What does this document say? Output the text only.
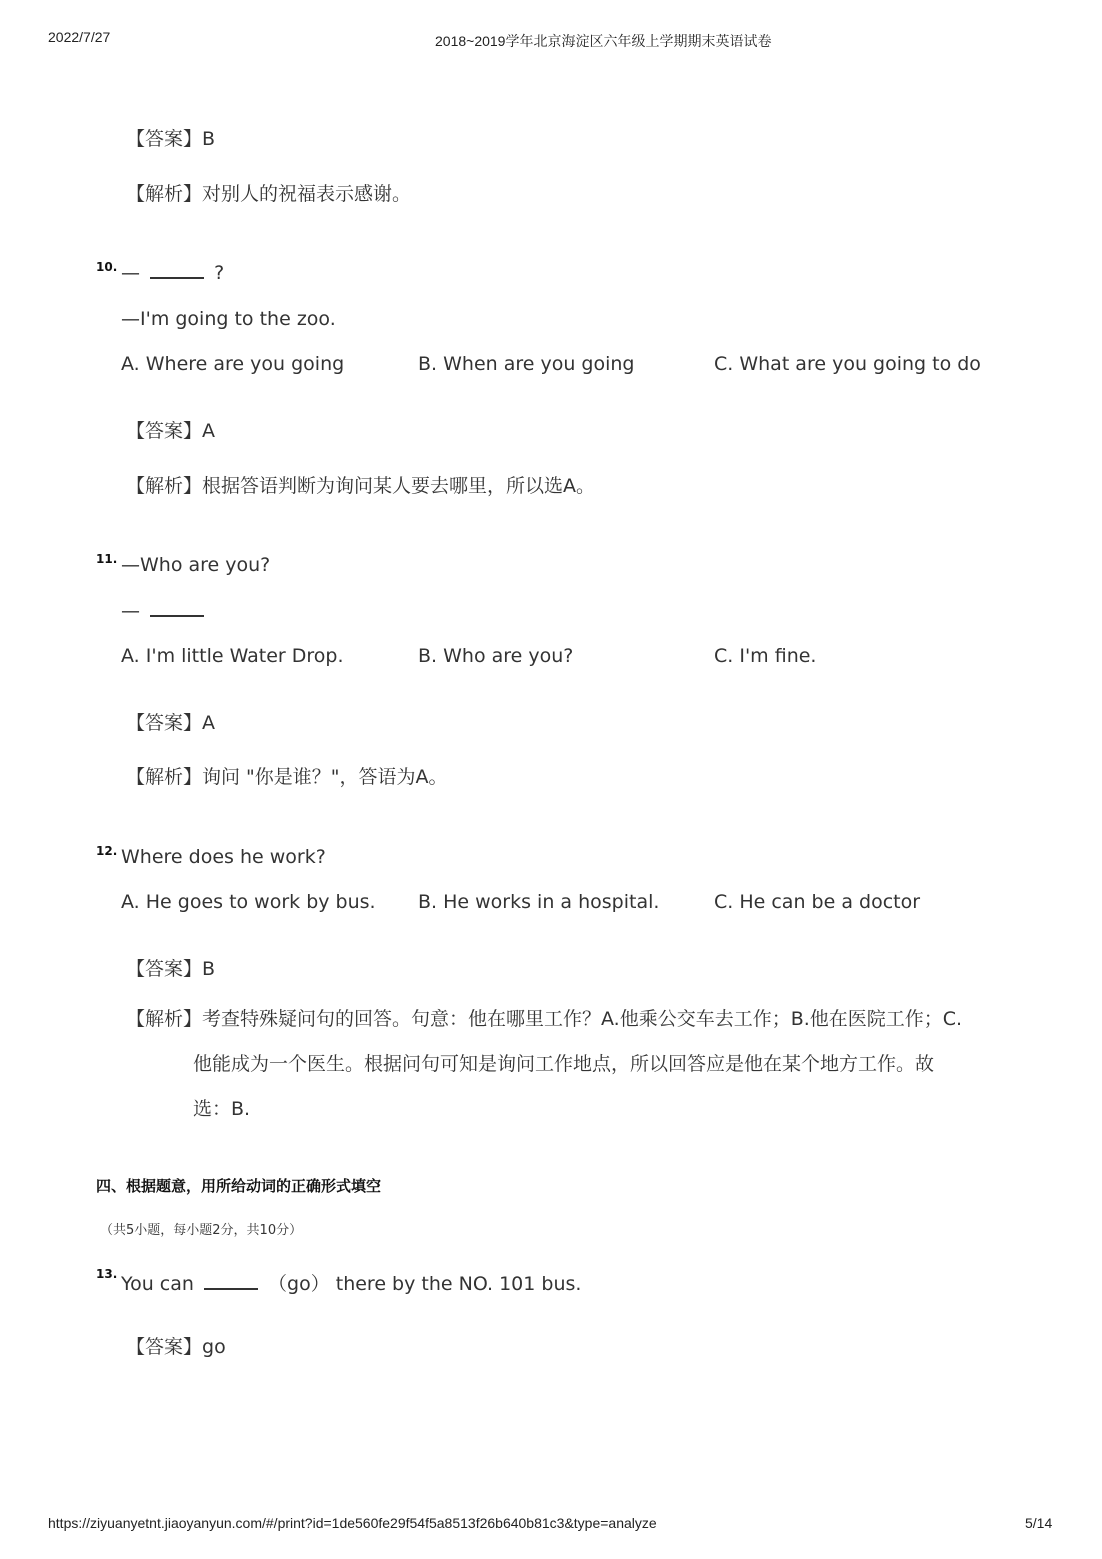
2022/7/27	2018~2019学年北京海淀区六年级上学期期末英语试卷
【答案】B
【解析】对别人的祝福表示感谢。
10. —	?
—I'm going to the zoo.
A. Where are you going	B. When are you going	C. What are you going to do
【答案】A
【解析】根据答语判断为询问某人要去哪里，所以选A。
11. —Who are you?
—
A. I'm little Water Drop.	B. Who are you?	C. I'm fine.
【答案】A
【解析】询问 "你是谁？"，答语为A。
12. Where does he work?
A. He goes to work by bus. B. He works in a hospital.	C. He can be a doctor
【答案】B
【解析】考查特殊疑问句的回答。句意：他在哪里工作？A.他乘公交车去工作；B.他在医院工作；C.
他能成为一个医生。根据问句可知是询问工作地点，所以回答应是他在某个地方工作。故
选：B.
四、根据题意，用所给动词的正确形式填空
（共5小题，每小题2分，共10分）
13. You can	（go） there by the NO. 101 bus.
【答案】go
https://ziyuanyetnt.jiaoyanyun.com/#/print?id=1de560fe29f54f5a8513f26b640b81c3&type=analyze	5/14
